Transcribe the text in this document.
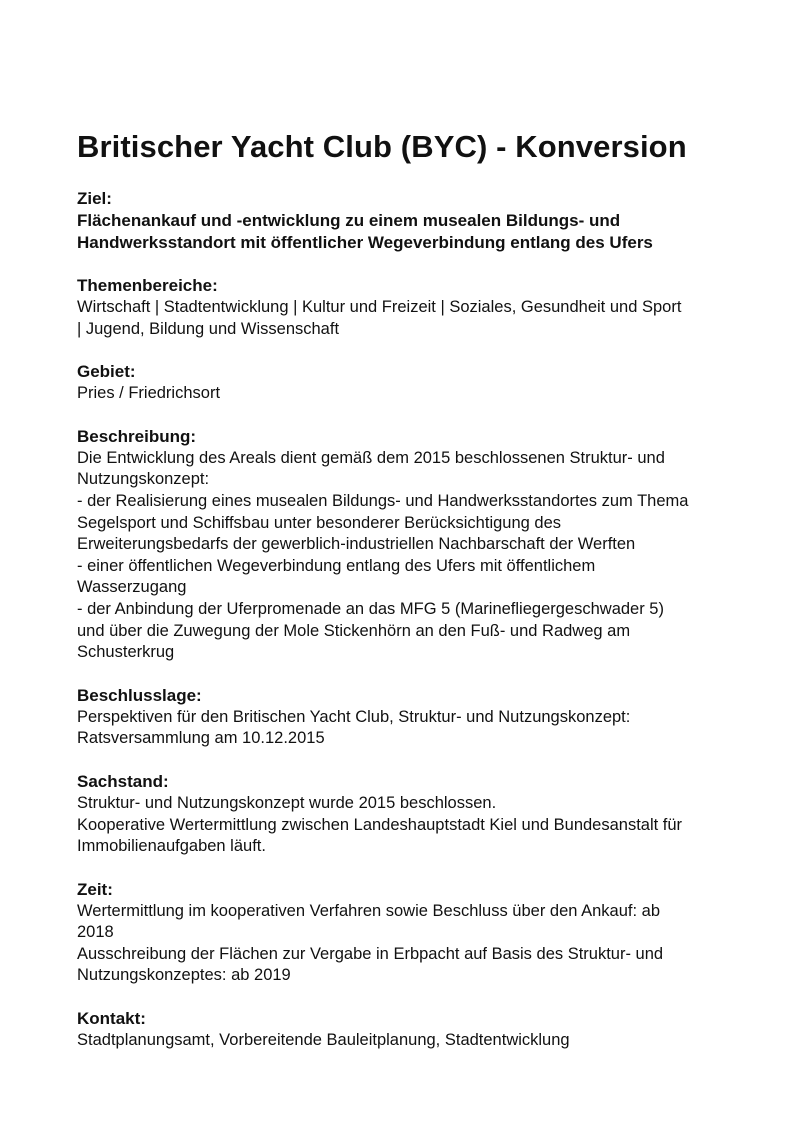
Britischer Yacht Club (BYC) - Konversion

Ziel:

Flächenankauf und -entwicklung zu einem musealen Bildungs- und

Handwerksstandort mit öffentlicher Wegeverbindung entlang des Ufers

Themenbereiche:

Wirtschaft | Stadtentwicklung | Kultur und Freizeit | Soziales, Gesundheit und Sport

| Jugend, Bildung und Wissenschaft

Gebiet:

Pries / Friedrichsort

Beschreibung:

Die Entwicklung des Areals dient gemäß dem 2015 beschlossenen Struktur- und

Nutzungskonzept:

- der Realisierung eines musealen Bildungs- und Handwerksstandortes zum Thema

Segelsport und Schiffsbau unter besonderer Berücksichtigung des

Erweiterungsbedarfs der gewerblich-industriellen Nachbarschaft der Werften

- einer öffentlichen Wegeverbindung entlang des Ufers mit öffentlichem

Wasserzugang

- der Anbindung der Uferpromenade an das MFG 5 (Marinefliegergeschwader 5)

und über die Zuwegung der Mole Stickenhörn an den Fuß- und Radweg am

Schusterkrug

Beschlusslage:

Perspektiven für den Britischen Yacht Club, Struktur- und Nutzungskonzept:

Ratsversammlung am 10.12.2015

Sachstand:

Struktur- und Nutzungskonzept wurde 2015 beschlossen.

Kooperative Wertermittlung zwischen Landeshauptstadt Kiel und Bundesanstalt für

Immobilienaufgaben läuft.

Zeit:

Wertermittlung im kooperativen Verfahren sowie Beschluss über den Ankauf: ab

2018

Ausschreibung der Flächen zur Vergabe in Erbpacht auf Basis des Struktur- und

Nutzungskonzeptes: ab 2019

Kontakt:

Stadtplanungsamt, Vorbereitende Bauleitplanung, Stadtentwicklung
